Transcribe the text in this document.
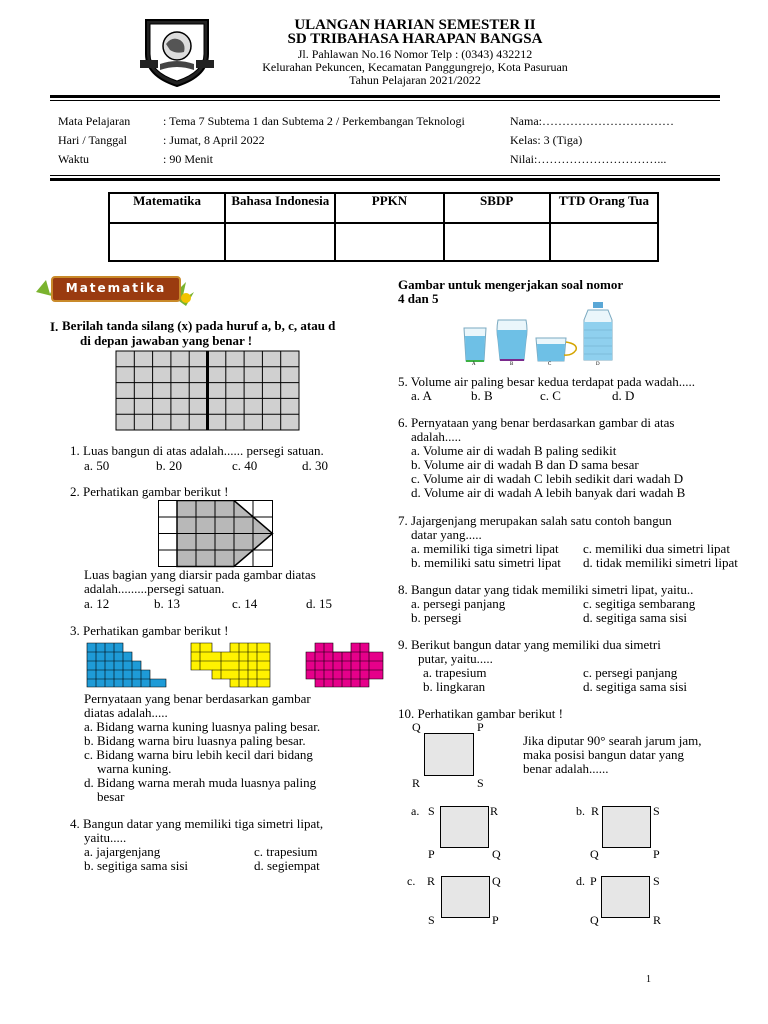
ULANGAN HARIAN SEMESTER II
SD TRIBAHASA HARAPAN BANGSA
Jl. Pahlawan No.16 Nomor Telp : (0343) 432212
Kelurahan Pekuncen, Kecamatan Panggungrejo, Kota Pasuruan
Tahun Pelajaran 2021/2022
Mata Pelajaran	: Tema 7 Subtema 1 dan Subtema 2 / Perkembangan Teknologi
Hari / Tanggal	: Jumat, 8 April 2022
Waktu	: 90 Menit
Nama:……………………………
Kelas: 3 (Tiga)
Nilai:…………………………...
Matematika	Bahasa Indonesia	PPKN	SBDP	TTD Orang Tua

Matematika
I. Berilah tanda silang (x) pada huruf a, b, c, atau d
di depan jawaban yang benar !
1. Luas bangun di atas adalah...... persegi satuan.
a. 50	b. 20	c. 40	d. 30
2. Perhatikan gambar berikut !
Luas bagian yang diarsir pada gambar diatas
adalah.........persegi satuan.
a. 12	b. 13	c. 14	d. 15
3. Perhatikan gambar berikut !
Pernyataan yang benar berdasarkan gambar
diatas adalah.....
a. Bidang warna kuning luasnya paling besar.
b. Bidang warna biru luasnya paling besar.
c. Bidang warna biru lebih kecil dari bidang
warna kuning.
d. Bidang warna merah muda luasnya paling
besar
4. Bangun datar yang memiliki tiga simetri lipat,
yaitu.....
a. jajargenjang
b. segitiga sama sisi
c. trapesium
d. segiempat
Gambar untuk mengerjakan soal nomor
4 dan 5
A	B	C	D
5. Volume air paling besar kedua terdapat pada wadah.....
a. A	b. B	c. C	d. D
6. Pernyataan yang benar berdasarkan gambar di atas
adalah.....
a. Volume air di wadah B paling sedikit
b. Volume air di wadah B dan D sama besar
c. Volume air di wadah C lebih sedikit dari wadah D
d. Volume air di wadah A lebih banyak dari wadah B
7. Jajargenjang merupakan salah satu contoh bangun
datar yang.....
a. memiliki tiga simetri lipat
b. memiliki satu simetri lipat
c. memiliki dua simetri lipat
d. tidak memiliki simetri lipat
8. Bangun datar yang tidak memiliki simetri lipat, yaitu..
a. persegi panjang
b. persegi
c. segitiga sembarang
d. segitiga sama sisi
9. Berikut bangun datar yang memiliki dua simetri
putar, yaitu.....
a. trapesium
b. lingkaran
c. persegi panjang
d. segitiga sama sisi
10. Perhatikan gambar berikut !
Q	P
R	S
Jika diputar 90° searah jarum jam,
maka posisi bangun datar yang
benar adalah......
a. S	R
P	Q
b. R	S
Q	P
c. R	Q
S	P
d. P	S
Q	R
1
